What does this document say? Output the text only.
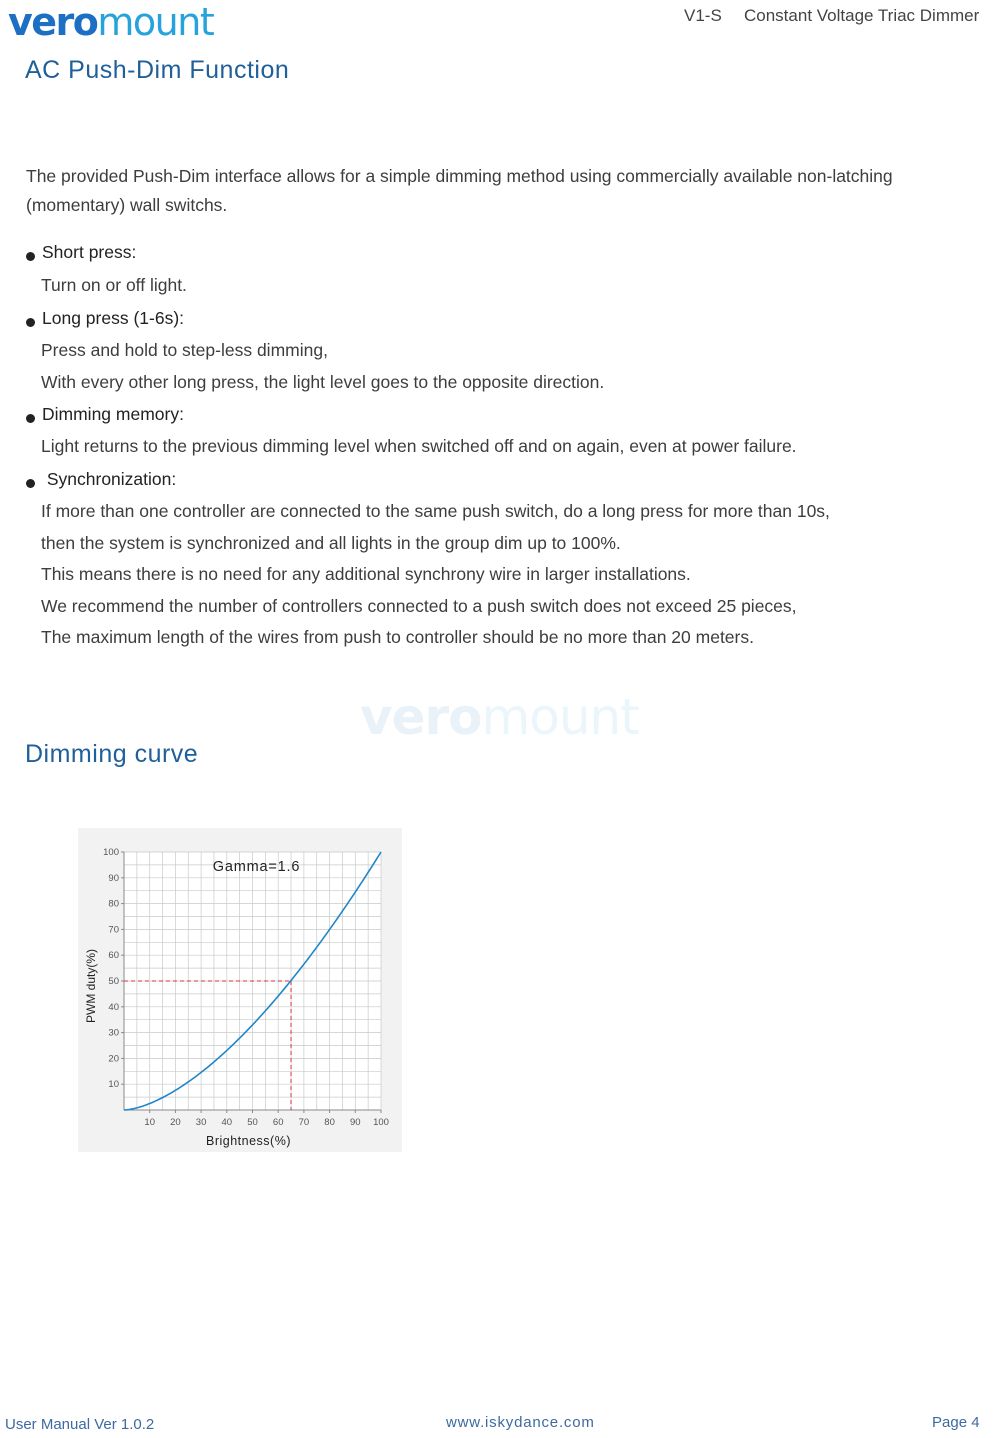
veromount	V1-S Constant Voltage Triac Dimmer
AC Push-Dim Function
The provided Push-Dim interface allows for a simple dimming method using commercially available non-latching
(momentary) wall switchs.
Short press:
Turn on or off light.
Long press (1-6s):
Press and hold to step-less dimming,
With every other long press, the light level goes to the opposite direction.
Dimming memory:
Light returns to the previous dimming level when switched off and on again, even at power failure.
Synchronization:
If more than one controller are connected to the same push switch, do a long press for more than 10s,
then the system is synchronized and all lights in the group dim up to 100%.
This means there is no need for any additional synchrony wire in larger installations.
We recommend the number of controllers connected to a push switch does not exceed 25 pieces,
The maximum length of the wires from push to controller should be no more than 20 meters.
veromount
Dimming curve
10 20 30 40 50 60 70 80 90 100
10
20
30
40
50
60
70
80
90
100
Gamma=1.6
Brightness(%)
PWM duty(%)
User Manual Ver 1.0.2	www.iskydance.com	Page 4
